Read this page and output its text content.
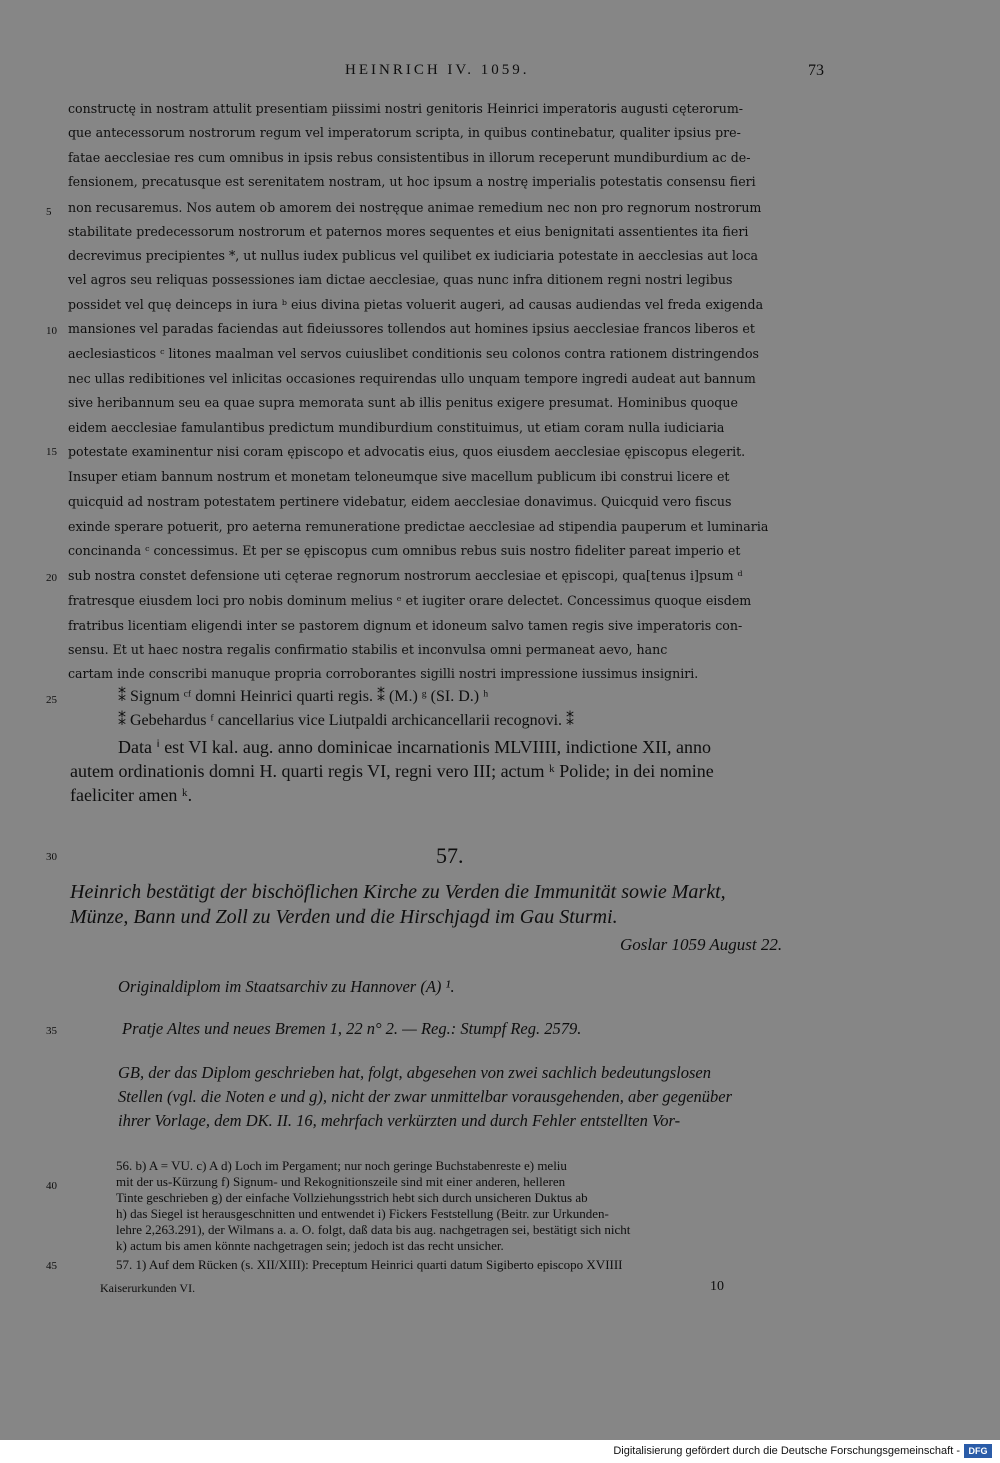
HEINRICH IV. 1059.	73
5
10
15
20
25
30
35
40
45
constructę in nostram attulit presentiam piissimi nostri genitoris Heinrici imperatoris augusti cęterorum-
que antecessorum nostrorum regum vel imperatorum scripta, in quibus continebatur, qualiter ipsius pre-
fatae aecclesiae res cum omnibus in ipsis rebus consistentibus in illorum receperunt mundiburdium ac de-
fensionem, precatusque est serenitatem nostram, ut hoc ipsum a nostrę imperialis potestatis consensu fieri
non recusaremus. Nos autem ob amorem dei nostręque animae remedium nec non pro regnorum nostrorum
stabilitate predecessorum nostrorum et paternos mores sequentes et eius benignitati assentientes ita fieri
decrevimus precipientes *, ut nullus iudex publicus vel quilibet ex iudiciaria potestate in aecclesias aut loca
vel agros seu reliquas possessiones iam dictae aecclesiae, quas nunc infra ditionem regni nostri legibus
possidet vel quę deinceps in iura ᵇ eius divina pietas voluerit augeri, ad causas audiendas vel freda exigenda
mansiones vel paradas faciendas aut fideiussores tollendos aut homines ipsius aecclesiae francos liberos et
aeclesiasticos ᶜ litones maalman vel servos cuiuslibet conditionis seu colonos contra rationem distringendos
nec ullas redibitiones vel inlicitas occasiones requirendas ullo unquam tempore ingredi audeat aut bannum
sive heribannum seu ea quae supra memorata sunt ab illis penitus exigere presumat. Hominibus quoque
eidem aecclesiae famulantibus predictum mundiburdium constituimus, ut etiam coram nulla iudiciaria
potestate examinentur nisi coram ępiscopo et advocatis eius, quos eiusdem aecclesiae ępiscopus elegerit.
Insuper etiam bannum nostrum et monetam teloneumque sive macellum publicum ibi construi licere et
quicquid ad nostram potestatem pertinere videbatur, eidem aecclesiae donavimus. Quicquid vero fiscus
exinde sperare potuerit, pro aeterna remuneratione predictae aecclesiae ad stipendia pauperum et luminaria
concinanda ᶜ concessimus. Et per se ępiscopus cum omnibus rebus suis nostro fideliter pareat imperio et
sub nostra constet defensione uti cęterae regnorum nostrorum aecclesiae et ępiscopi, qua[tenus i]psum ᵈ
fratresque eiusdem loci pro nobis dominum melius ᵉ et iugiter orare delectet. Concessimus quoque eisdem
fratribus licentiam eligendi inter se pastorem dignum et idoneum salvo tamen regis sive imperatoris con-
sensu. Et ut haec nostra regalis confirmatio stabilis et inconvulsa omni permaneat aevo, hanc
cartam inde conscribi manuque propria corroborantes sigilli nostri impressione iussimus insigniri.
⁑ Signum ᶜᶠ domni Heinrici quarti regis. ⁑ (M.) ᵍ (SI. D.) ʰ
⁑ Gebehardus ᶠ cancellarius vice Liutpaldi archicancellarii recognovi. ⁑
Data ⁱ est VI kal. aug. anno dominicae incarnationis MLVIIII, indictione XII, anno
autem ordinationis domni H. quarti regis VI, regni vero III; actum ᵏ Polide; in dei nomine
faeliciter amen ᵏ.
57.
Heinrich bestätigt der bischöflichen Kirche zu Verden die Immunität sowie Markt,
Münze, Bann und Zoll zu Verden und die Hirschjagd im Gau Sturmi.
Goslar 1059 August 22.
Originaldiplom im Staatsarchiv zu Hannover (A) ¹.
Pratje Altes und neues Bremen 1, 22 n° 2. — Reg.: Stumpf Reg. 2579.
GB, der das Diplom geschrieben hat, folgt, abgesehen von zwei sachlich bedeutungslosen
Stellen (vgl. die Noten e und g), nicht der zwar unmittelbar vorausgehenden, aber gegenüber
ihrer Vorlage, dem DK. II. 16, mehrfach verkürzten und durch Fehler entstellten Vor-
56. b) A = VU. c) A d) Loch im Pergament; nur noch geringe Buchstabenreste e) meliu
mit der us-Kürzung f) Signum- und Rekognitionszeile sind mit einer anderen, helleren
Tinte geschrieben g) der einfache Vollziehungsstrich hebt sich durch unsicheren Duktus ab
h) das Siegel ist herausgeschnitten und entwendet i) Fickers Feststellung (Beitr. zur Urkunden-
lehre 2,263.291), der Wilmans a. a. O. folgt, daß data bis aug. nachgetragen sei, bestätigt sich nicht
k) actum bis amen könnte nachgetragen sein; jedoch ist das recht unsicher.
57. 1) Auf dem Rücken (s. XII/XIII): Preceptum Heinrici quarti datum Sigiberto episcopo XVIIII
Kaiserurkunden VI.	10
Digitalisierung gefördert durch die Deutsche Forschungsgemeinschaft - DFG
